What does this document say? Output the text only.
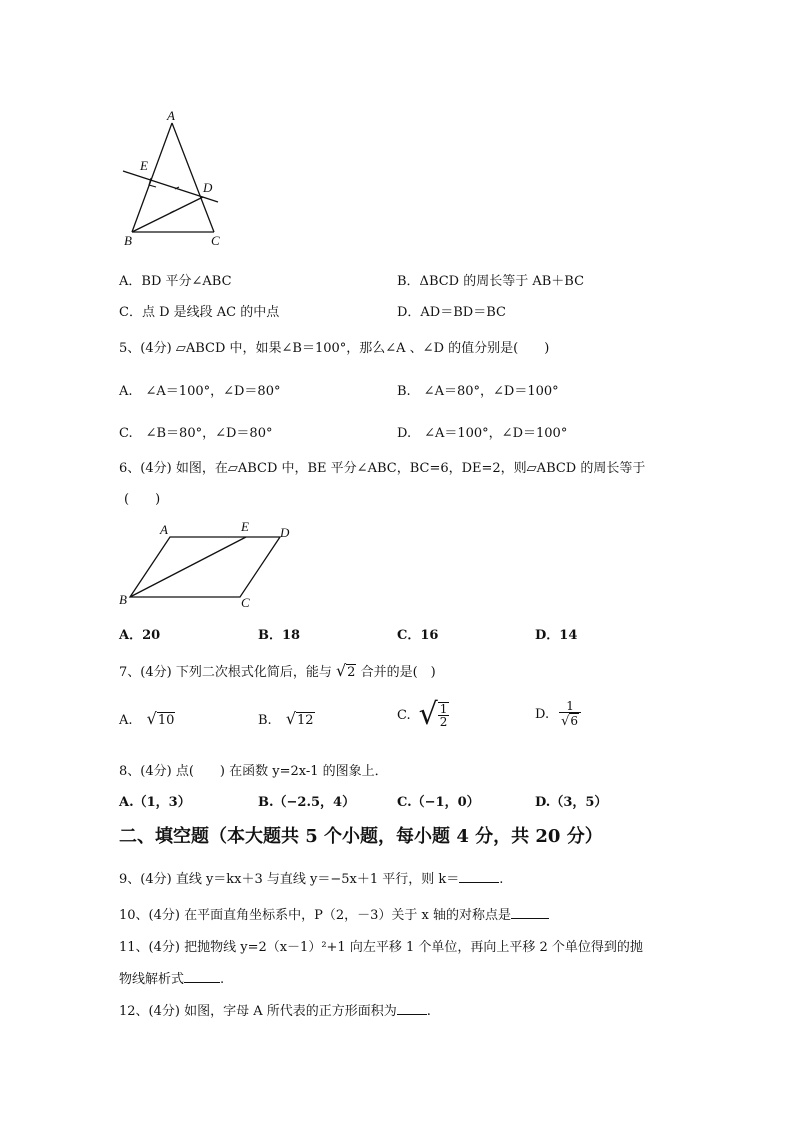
A
E
D
B	C
A．BD 平分∠ABC	B．ΔBCD 的周长等于 AB＋BC
C．点 D 是线段 AC 的中点	D．AD＝BD＝BC
5、(4分) ▱ABCD 中，如果∠B＝100°，那么∠A 、∠D 的值分别是(　　)
A.　∠A＝100°，∠D＝80°	B.　∠A＝80°，∠D＝100°
C.　∠B＝80°，∠D＝80°	D.　∠A＝100°，∠D＝100°
6、(4分) 如图，在▱ABCD 中，BE 平分∠ABC，BC=6，DE=2，则▱ABCD 的周长等于
(　　)
A	E D
B	C
A．20	B．18	C．16	D．14
7、(4分) 下列二次根式化简后，能与 √2 合并的是(　)
A. √10	B. √12	C. √ $\frac{1}{2}$	D. $\frac{1}{√6}$
8、(4分) 点(　　) 在函数 y=2x-1 的图象上．
A.（1，3）	B.（−2.5，4）	C.（−1，0）	D.（3，5）
二、填空题（本大题共 5 个小题，每小题 4 分，共 20 分）
9、(4分) 直线 y＝kx＋3 与直线 y＝−5x＋1 平行，则 k＝	.
10、(4分) 在平面直角坐标系中，P（2，－3）关于 x 轴的对称点是
11、(4分) 把抛物线 y=2（x－1）²+1 向左平移 1 个单位，再向上平移 2 个单位得到的抛
物线解析式	.
12、(4分) 如图，字母 A 所代表的正方形面积为 .
